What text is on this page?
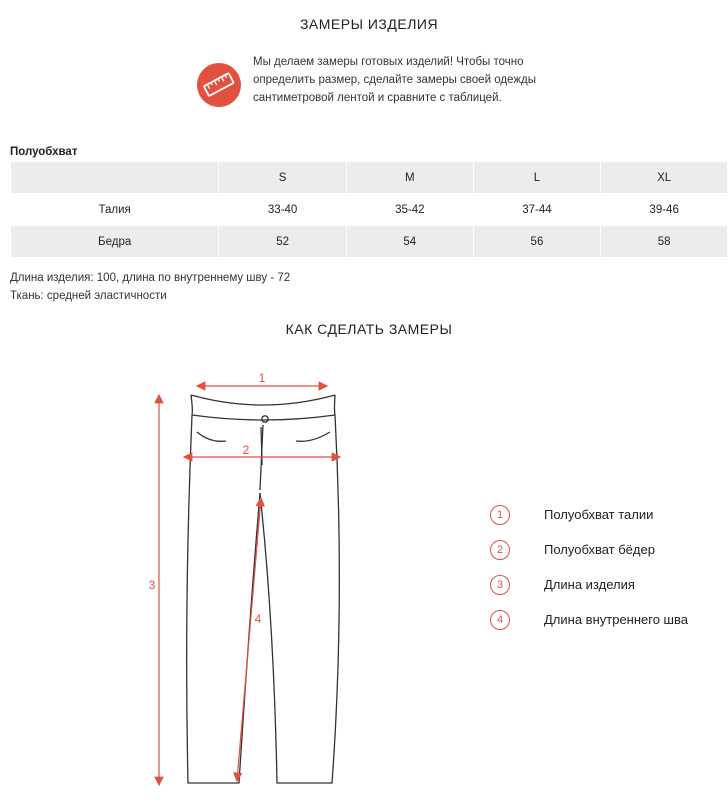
ЗАМЕРЫ ИЗДЕЛИЯ
Мы делаем замеры готовых изделий! Чтобы точно определить размер, сделайте замеры своей одежды сантиметровой лентой и сравните с таблицей.
Полуобхват
	S	M	L	XL
Талия	33-40	35-42	37-44	39-46
Бедра	52	54	56	58
Длина изделия: 100, длина по внутреннему шву - 72
Ткань: средней эластичности
КАК СДЕЛАТЬ ЗАМЕРЫ
1
2
3
4
1	Полуобхват талии
2	Полуобхват бёдер
3	Длина изделия
4	Длина внутреннего шва
